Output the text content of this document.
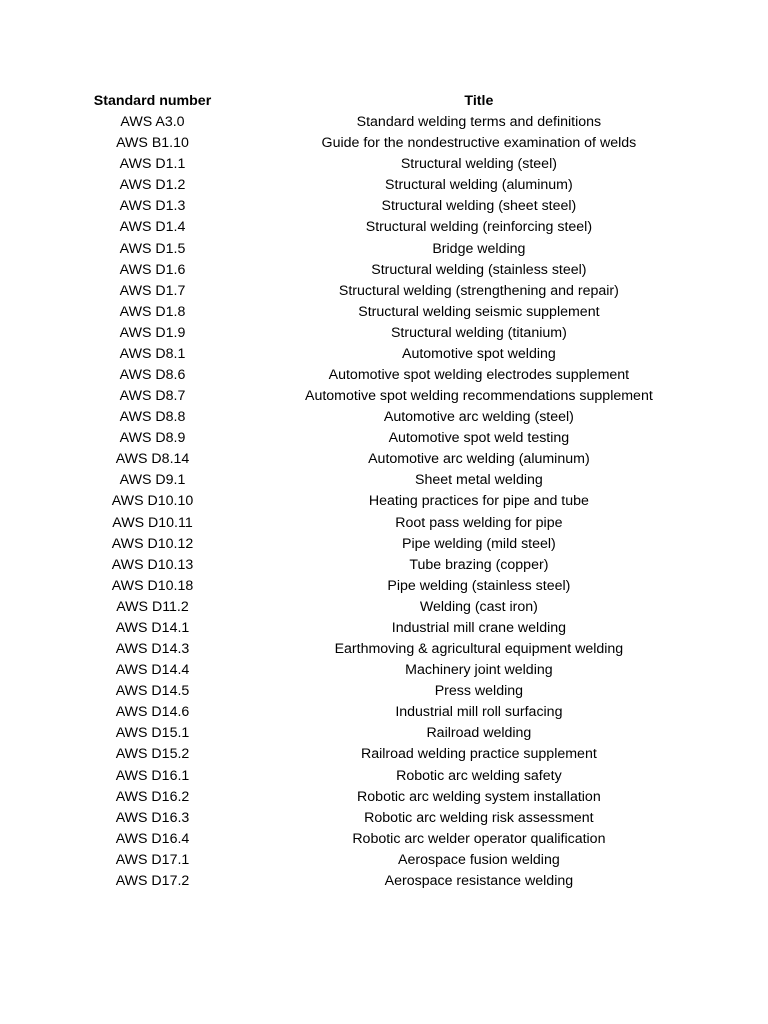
Standard number	Title
AWS A3.0	Standard welding terms and definitions
AWS B1.10	Guide for the nondestructive examination of welds
AWS D1.1	Structural welding (steel)
AWS D1.2	Structural welding (aluminum)
AWS D1.3	Structural welding (sheet steel)
AWS D1.4	Structural welding (reinforcing steel)
AWS D1.5	Bridge welding
AWS D1.6	Structural welding (stainless steel)
AWS D1.7	Structural welding (strengthening and repair)
AWS D1.8	Structural welding seismic supplement
AWS D1.9	Structural welding (titanium)
AWS D8.1	Automotive spot welding
AWS D8.6	Automotive spot welding electrodes supplement
AWS D8.7	Automotive spot welding recommendations supplement
AWS D8.8	Automotive arc welding (steel)
AWS D8.9	Automotive spot weld testing
AWS D8.14	Automotive arc welding (aluminum)
AWS D9.1	Sheet metal welding
AWS D10.10	Heating practices for pipe and tube
AWS D10.11	Root pass welding for pipe
AWS D10.12	Pipe welding (mild steel)
AWS D10.13	Tube brazing (copper)
AWS D10.18	Pipe welding (stainless steel)
AWS D11.2	Welding (cast iron)
AWS D14.1	Industrial mill crane welding
AWS D14.3	Earthmoving & agricultural equipment welding
AWS D14.4	Machinery joint welding
AWS D14.5	Press welding
AWS D14.6	Industrial mill roll surfacing
AWS D15.1	Railroad welding
AWS D15.2	Railroad welding practice supplement
AWS D16.1	Robotic arc welding safety
AWS D16.2	Robotic arc welding system installation
AWS D16.3	Robotic arc welding risk assessment
AWS D16.4	Robotic arc welder operator qualification
AWS D17.1	Aerospace fusion welding
AWS D17.2	Aerospace resistance welding
